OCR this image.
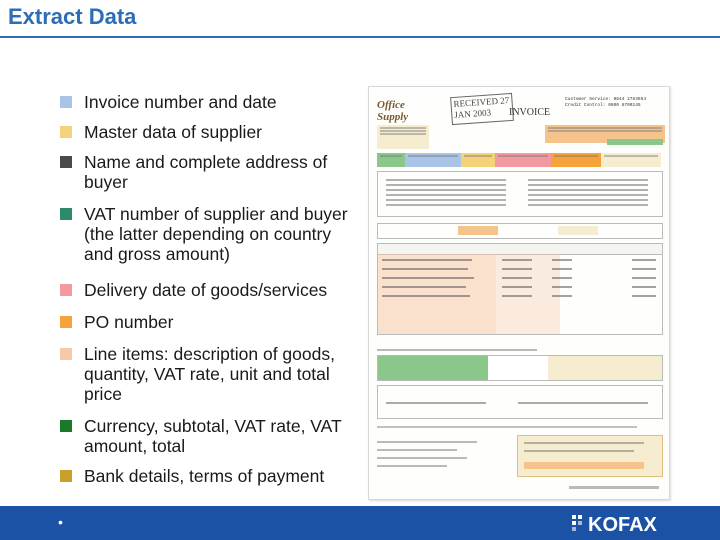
Extract Data
Invoice number and date
Master data of supplier
Name and complete address of buyer
VAT number of supplier and buyer (the latter depending on country and gross amount)
Delivery date of goods/services
PO number
Line items: description of goods, quantity, VAT rate, unit and total price
Currency, subtotal, VAT rate, VAT amount, total
Bank details, terms of payment
Office Supply
RECEIVED 27 JAN 2003	INVOICE
Customer Service: 0844 2763654
Credit Control: 0800 8700145
•	KOFAX
